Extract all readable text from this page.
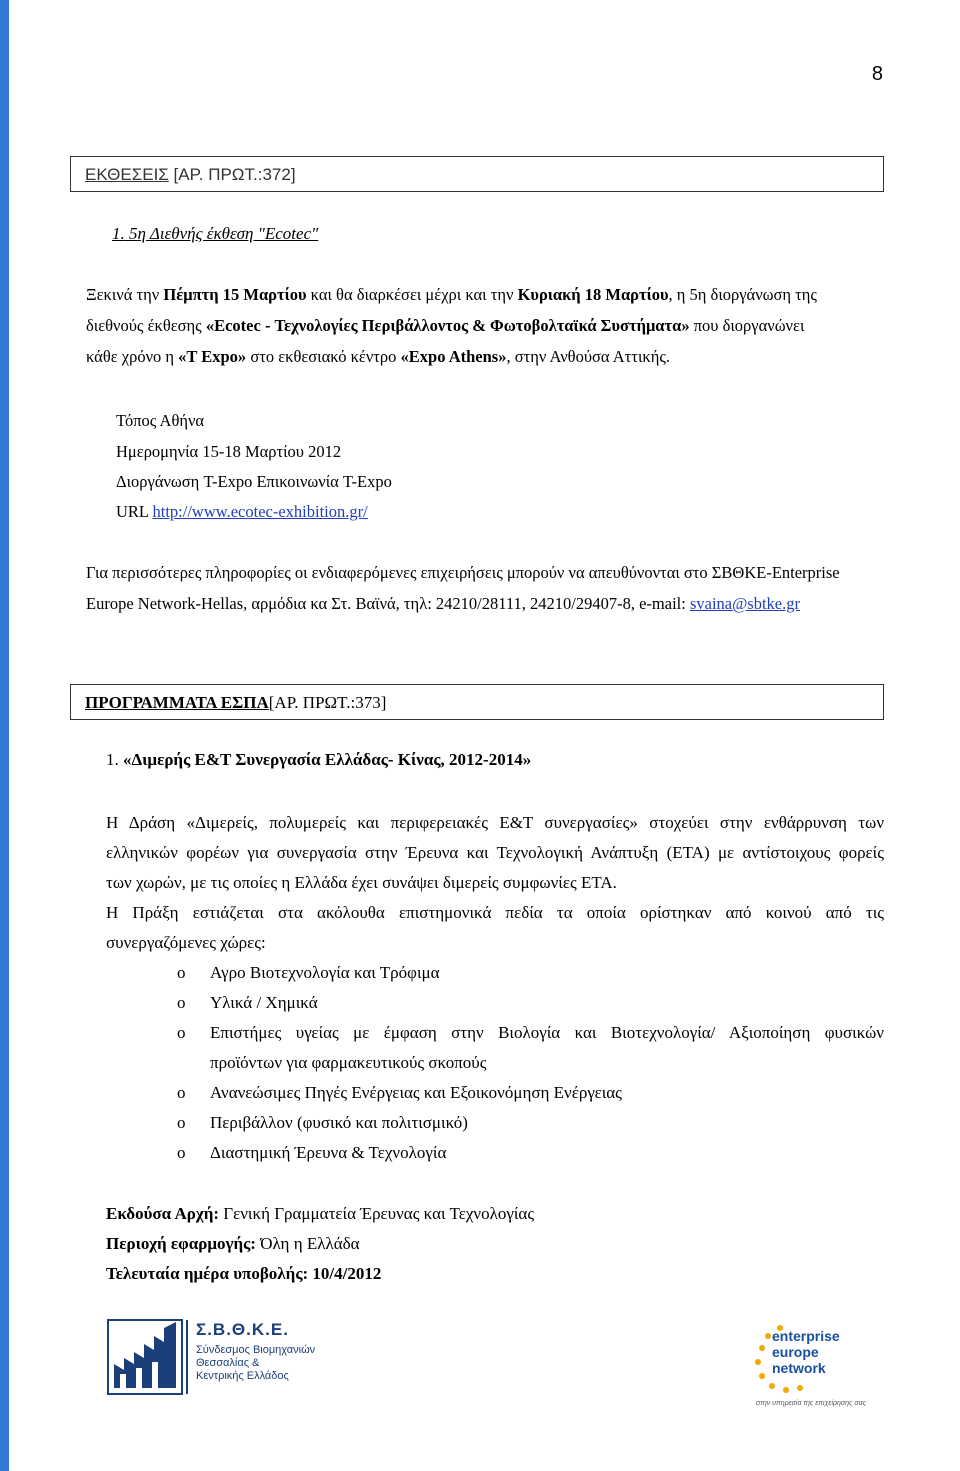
8
ΕΚΘΕΣΕΙΣ [ΑΡ. ΠΡΩΤ.:372]
1. 5η Διεθνής έκθεση "Ecotec"
Ξεκινά την Πέμπτη 15 Μαρτίου και θα διαρκέσει μέχρι και την Κυριακή 18 Μαρτίου, η 5η διοργάνωση της
διεθνούς έκθεσης «Ecotec - Τεχνολογίες Περιβάλλοντος & Φωτοβολταϊκά Συστήματα» που διοργανώνει
κάθε χρόνο η «T Expo» στο εκθεσιακό κέντρο «Expo Athens», στην Ανθούσα Αττικής.
Τόπος Αθήνα
Ημερομηνία 15-18 Μαρτίου 2012
Διοργάνωση T-Expo Επικοινωνία T-Expo
URL http://www.ecotec-exhibition.gr/
Για περισσότερες πληροφορίες οι ενδιαφερόμενες επιχειρήσεις μπορούν να απευθύνονται στο ΣΒΘΚΕ-Enterprise
Europe Network-Hellas, αρμόδια κα Στ. Βαϊνά, τηλ: 24210/28111, 24210/29407-8, e-mail: svaina@sbtke.gr
ΠΡΟΓΡΑΜΜΑΤΑ ΕΣΠΑ[ΑΡ. ΠΡΩΤ.:373]
1. «Διμερής Ε&Τ Συνεργασία Ελλάδας- Κίνας, 2012-2014»
Η Δράση «Διμερείς, πολυμερείς και περιφερειακές Ε&Τ συνεργασίες» στοχεύει στην ενθάρρυνση των
ελληνικών φορέων για συνεργασία στην Έρευνα και Τεχνολογική Ανάπτυξη (ΕΤΑ) με αντίστοιχους φορείς
των χωρών, με τις οποίες η Ελλάδα έχει συνάψει διμερείς συμφωνίες ΕΤΑ.
Η Πράξη εστιάζεται στα ακόλουθα επιστημονικά πεδία τα οποία ορίστηκαν από κοινού από τις
συνεργαζόμενες χώρες:
o Αγρο Βιοτεχνολογία και Τρόφιμα
o Υλικά / Χημικά
o Επιστήμες υγείας με έμφαση στην Βιολογία και Βιοτεχνολογία/ Αξιοποίηση φυσικών
προϊόντων για φαρμακευτικούς σκοπούς
o Ανανεώσιμες Πηγές Ενέργειας και Εξοικονόμηση Ενέργειας
o Περιβάλλον (φυσικό και πολιτισμικό)
o Διαστημική Έρευνα & Τεχνολογία
Εκδούσα Αρχή: Γενική Γραμματεία Έρευνας και Τεχνολογίας
Περιοχή εφαρμογής: Όλη η Ελλάδα
Τελευταία ημέρα υποβολής: 10/4/2012
Σ.Β.Θ.Κ.Ε.
Σύνδεσμος Βιομηχανιών
Θεσσαλίας &
Κεντρικής Ελλάδος
enterprise
europe
network
στην υπηρεσία της επιχείρησης σας
